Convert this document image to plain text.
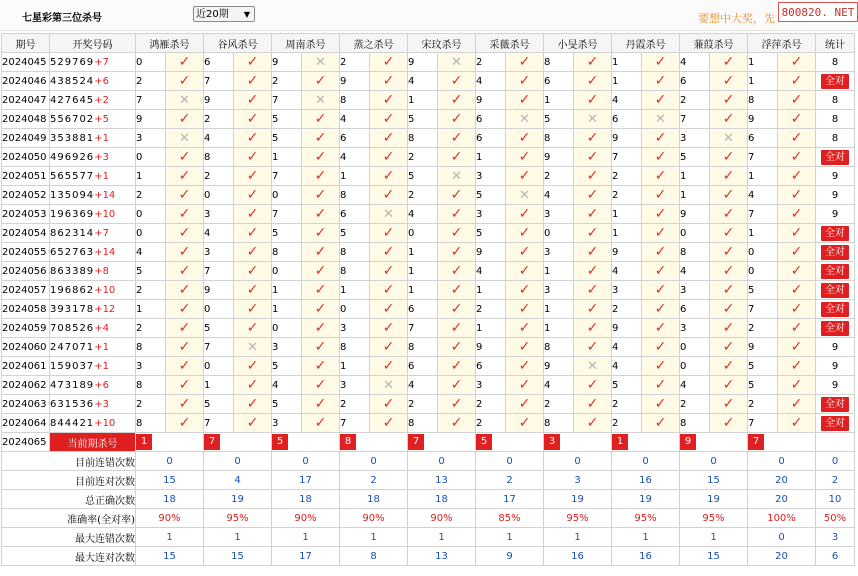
七星彩第三位杀号	近20期 ▼	要想中大奖，先 800820. NET
期号	开奖号码	鸿雁杀号		谷风杀号		周南杀号		蒸之杀号		宋玟杀号		采薇杀号		小旻杀号		丹霞杀号		蒹葭杀号		浮萍杀号		统计
2024045	529769+7	0	✓	6	✓	9	✕	2	✓	9	✕	2	✓	8	✓	1	✓	4	✓	1	✓	8
2024046	438524+6	2	✓	7	✓	2	✓	9	✓	4	✓	4	✓	6	✓	1	✓	6	✓	1	✓	全对
2024047	427645+2	7	✕	9	✓	7	✕	8	✓	1	✓	9	✓	1	✓	4	✓	2	✓	8	✓	8
2024048	556702+5	9	✓	2	✓	5	✓	4	✓	5	✓	6	✕	5	✕	6	✕	7	✓	9	✓	8
2024049	353881+1	3	✕	4	✓	5	✓	6	✓	8	✓	6	✓	8	✓	9	✓	3	✕	6	✓	8
2024050	496926+3	0	✓	8	✓	1	✓	4	✓	2	✓	1	✓	9	✓	7	✓	5	✓	7	✓	全对
2024051	565577+1	1	✓	2	✓	7	✓	1	✓	5	✕	3	✓	2	✓	2	✓	1	✓	1	✓	9
2024052	135094+14	2	✓	0	✓	0	✓	8	✓	2	✓	5	✕	4	✓	2	✓	1	✓	4	✓	9
2024053	196369+10	0	✓	3	✓	7	✓	6	✕	4	✓	3	✓	3	✓	1	✓	9	✓	7	✓	9
2024054	862314+7	0	✓	4	✓	5	✓	5	✓	0	✓	5	✓	0	✓	1	✓	0	✓	1	✓	全对
2024055	652763+14	4	✓	3	✓	8	✓	8	✓	1	✓	9	✓	3	✓	9	✓	8	✓	0	✓	全对
2024056	863389+8	5	✓	7	✓	0	✓	8	✓	1	✓	4	✓	1	✓	4	✓	4	✓	0	✓	全对
2024057	196862+10	2	✓	9	✓	1	✓	1	✓	1	✓	1	✓	3	✓	3	✓	3	✓	5	✓	全对
2024058	393178+12	1	✓	0	✓	1	✓	0	✓	6	✓	2	✓	1	✓	2	✓	6	✓	7	✓	全对
2024059	708526+4	2	✓	5	✓	0	✓	3	✓	7	✓	1	✓	1	✓	9	✓	3	✓	2	✓	全对
2024060	247071+1	8	✓	7	✕	3	✓	8	✓	8	✓	9	✓	8	✓	4	✓	0	✓	9	✓	9
2024061	159037+1	3	✓	0	✓	5	✓	1	✓	6	✓	6	✓	9	✕	4	✓	0	✓	5	✓	9
2024062	473189+6	8	✓	1	✓	4	✓	3	✕	4	✓	3	✓	4	✓	5	✓	4	✓	5	✓	9
2024063	631536+3	2	✓	5	✓	5	✓	2	✓	2	✓	2	✓	2	✓	2	✓	2	✓	2	✓	全对
2024064	844421+10	8	✓	7	✓	3	✓	7	✓	8	✓	2	✓	8	✓	2	✓	8	✓	7	✓	全对
2024065	当前期杀号	1		7		5		8		7		5		3		1		9		7		
目前连错次数		0		0		0		0		0		0		0		0		0		0		0
目前连对次数		15		4		17		2		13		2		3		16		15		20		2
总正确次数		18		19		18		18		18		17		19		19		19		20		10
准确率(全对率)		90%		95%		90%		90%		90%		85%		95%		95%		95%		100%		50%
最大连错次数		1		1		1		1		1		1		1		1		1		0		3
最大连对次数		15		15		17		8		13		9		16		16		15		20		6
